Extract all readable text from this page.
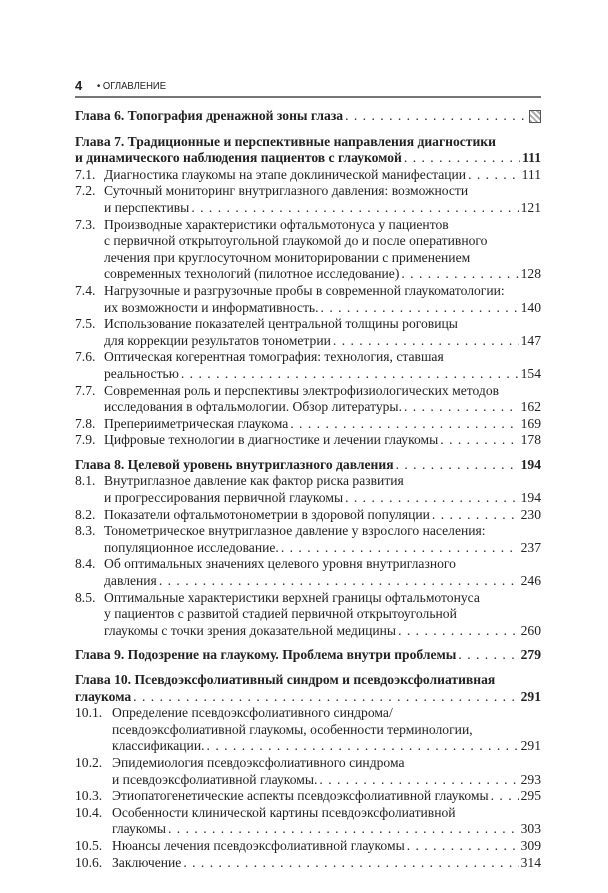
4 • ОГЛАВЛЕНИЕ
Глава 6. Топография дренажной зоны глаза
. . .
Глава 7. Традиционные и перспективные направления диагностики
и динамического наблюдения пациентов с глаукомой . . .	111
7.1. Диагностика глаукомы на этапе доклинической манифестации . . .	111
7.2. Суточный мониторинг внутриглазного давления: возможности
и перспективы . . .	121
7.3. Производные характеристики офтальмотонуса у пациентов
с первичной открытоугольной глаукомой до и после оперативного
лечения при круглосуточном мониторировании с применением
современных технологий (пилотное исследование) . . .	128
7.4. Нагрузочные и разгрузочные пробы в современной глаукоматологии:
их возможности и информативность. . . .	140
7.5. Использование показателей центральной толщины роговицы
для коррекции результатов тонометрии . . .	147
7.6. Оптическая когерентная томография: технология, ставшая
реальностью . . .	154
7.7. Современная роль и перспективы электрофизиологических методов
исследования в офтальмологии. Обзор литературы. . . .	162
7.8. Преперииметрическая глаукома . . .	169
7.9. Цифровые технологии в диагностике и лечении глаукомы . . .	178
Глава 8. Целевой уровень внутриглазного давления . . .	194
8.1. Внутриглазное давление как фактор риска развития
и прогрессирования первичной глаукомы . . .	194
8.2. Показатели офтальмотонометрии в здоровой популяции . . .	230
8.3. Тонометрическое внутриглазное давление у взрослого населения:
популяционное исследование. . . .	237
8.4. Об оптимальных значениях целевого уровня внутриглазного
давления . . .	246
8.5. Оптимальные характеристики верхней границы офтальмотонуса
у пациентов с развитой стадией первичной открытоугольной
глаукомы с точки зрения доказательной медицины . . .	260
Глава 9. Подозрение на глаукому. Проблема внутри проблемы . . .	279
Глава 10. Псевдоэксфолиативный синдром и псевдоэксфолиативная
глаукома . . .	291
10.1. Определение псевдоэксфолиативного синдрома/
псевдоэксфолиативной глаукомы, особенности терминологии,
классификации. . . .	291
10.2. Эпидемиология псевдоэксфолиативного синдрома
и псевдоэксфолиативной глаукомы. . . .	293
10.3. Этиопатогенетические аспекты псевдоэксфолиативной глаукомы . . . 295
10.4. Особенности клинической картины псевдоэксфолиативной
глаукомы . . .	303
10.5. Нюансы лечения псевдоэксфолиативной глаукомы . . .	309
10.6. Заключение . . .	314
